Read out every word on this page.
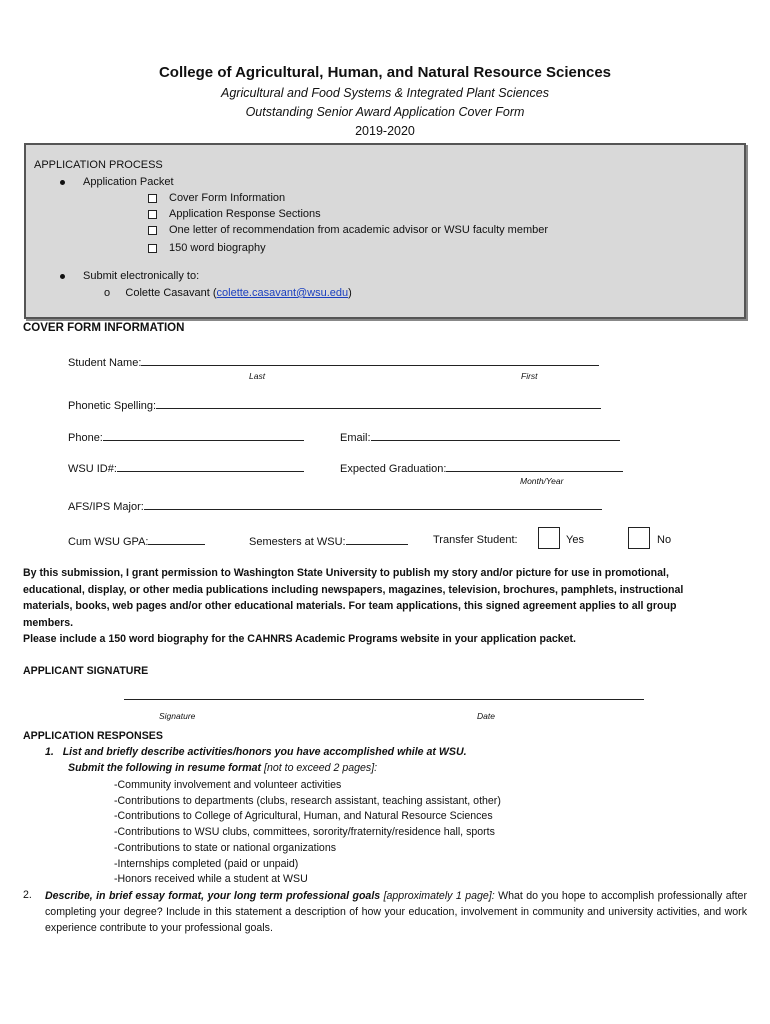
College of Agricultural, Human, and Natural Resource Sciences
Agricultural and Food Systems & Integrated Plant Sciences
Outstanding Senior Award Application Cover Form
2019-2020
APPLICATION PROCESS
Application Packet
Cover Form Information
Application Response Sections
One letter of recommendation from academic advisor or WSU faculty member
150 word biography
Submit electronically to:
o Colette Casavant (colette.casavant@wsu.edu)
COVER FORM INFORMATION
Student Name:
Last	First
Phonetic Spelling:
Phone:	Email:
WSU ID#:	Expected Graduation:
Month/Year
AFS/IPS Major:
Cum WSU GPA:	Semesters at WSU:	Transfer Student:	Yes	No
By this submission, I grant permission to Washington State University to publish my story and/or picture for use in promotional,
educational, display, or other media publications including newspapers, magazines, television, brochures, pamphlets, instructional
materials, books, web pages and/or other educational materials. For team applications, this signed agreement applies to all group
members.
Please include a 150 word biography for the CAHNRS Academic Programs website in your application packet.
APPLICANT SIGNATURE
Signature	Date
APPLICATION RESPONSES
1. List and briefly describe activities/honors you have accomplished while at WSU.
Submit the following in resume format [not to exceed 2 pages]:
-Community involvement and volunteer activities
-Contributions to departments (clubs, research assistant, teaching assistant, other)
-Contributions to College of Agricultural, Human, and Natural Resource Sciences
-Contributions to WSU clubs, committees, sorority/fraternity/residence hall, sports
-Contributions to state or national organizations
-Internships completed (paid or unpaid)
-Honors received while a student at WSU
2. Describe, in brief essay format, your long term professional goals [approximately 1 page]: What do you hope to accomplish professionally after completing your degree? Include in this statement a description of how your education, involvement in community and university activities, and work experience contribute to your professional goals.
